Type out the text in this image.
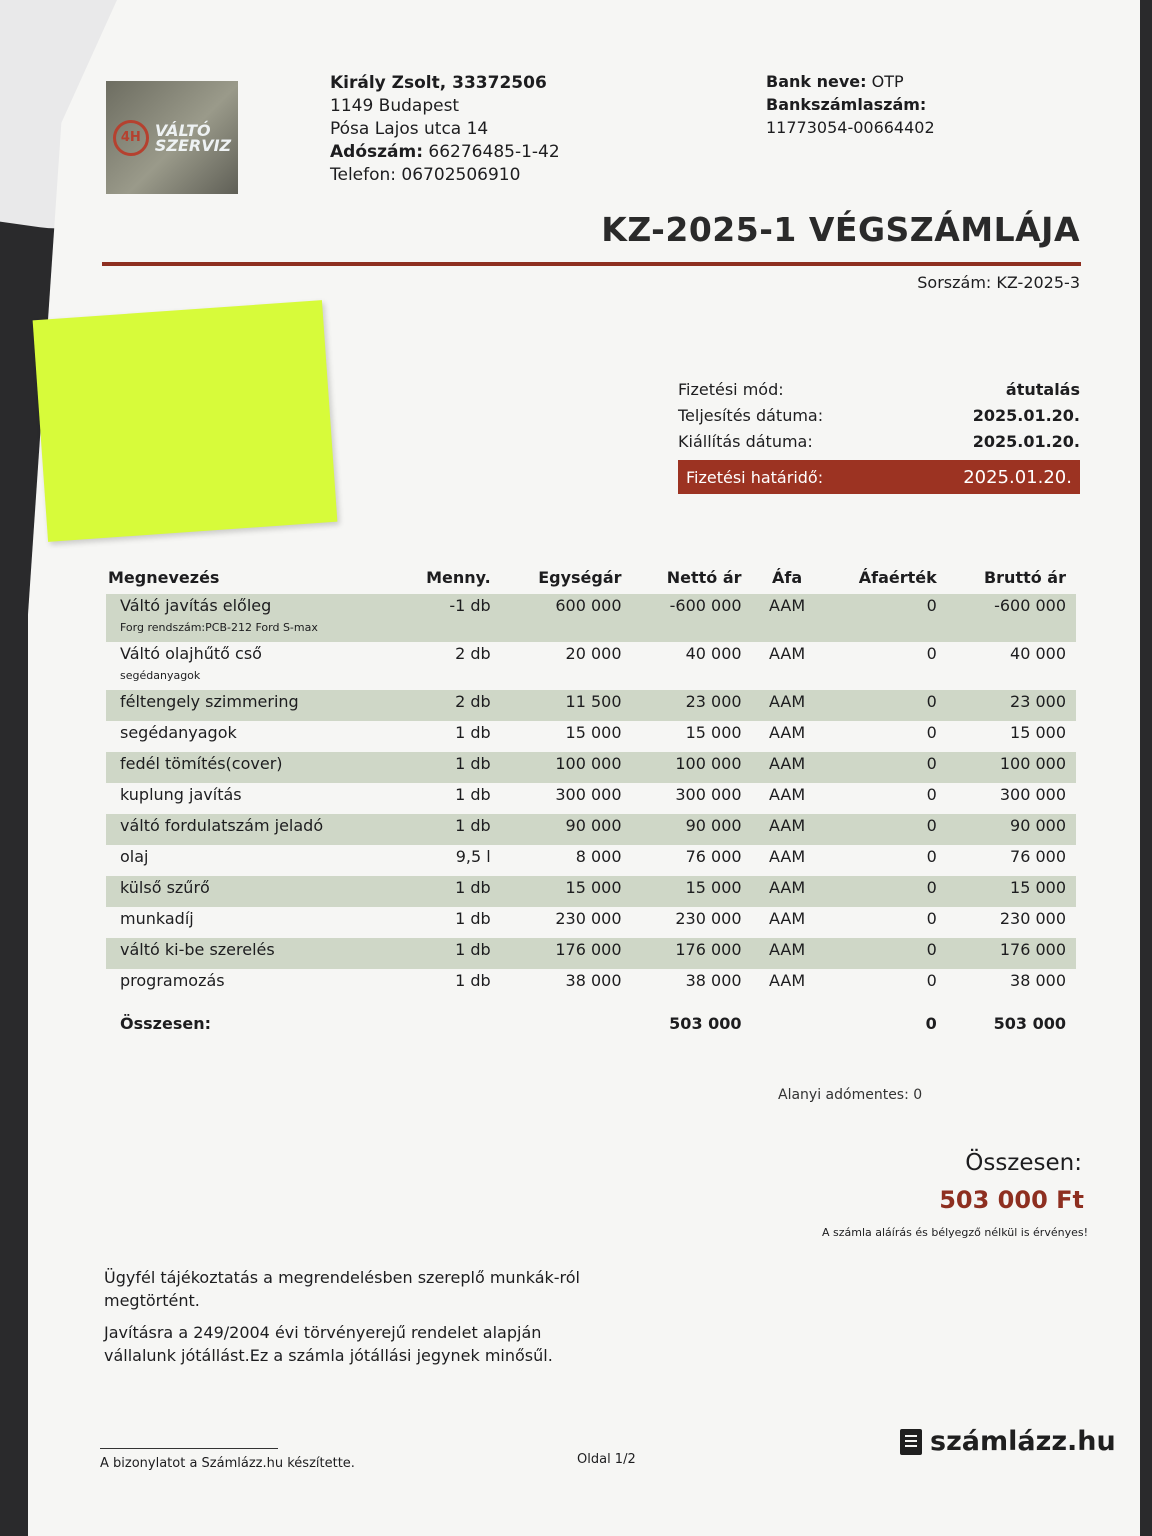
4H VÁLTÓ
SZERVIZ
Király Zsolt, 33372506
1149 Budapest
Pósa Lajos utca 14
Adószám: 66276485-1-42
Telefon: 06702506910
Bank neve: OTP
Bankszámlaszám:
11773054-00664402
KZ-2025-1 VÉGSZÁMLÁJA
Sorszám: KZ-2025-3
Fizetési mód:	átutalás
Teljesítés dátuma:	2025.01.20.
Kiállítás dátuma:	2025.01.20.
Fizetési határidő:	2025.01.20.
Megnevezés	Menny.	Egységár	Nettó ár	Áfa	Áfaérték	Bruttó ár
Váltó javítás előleg
Forg rendszám:PCB-212 Ford S-max	-1 db	600 000	-600 000	AAM	0	-600 000
Váltó olajhűtő cső
segédanyagok	2 db	20 000	40 000	AAM	0	40 000
féltengely szimmering	2 db	11 500	23 000	AAM	0	23 000
segédanyagok	1 db	15 000	15 000	AAM	0	15 000
fedél tömítés(cover)	1 db	100 000	100 000	AAM	0	100 000
kuplung javítás	1 db	300 000	300 000	AAM	0	300 000
váltó fordulatszám jeladó	1 db	90 000	90 000	AAM	0	90 000
olaj	9,5 l	8 000	76 000	AAM	0	76 000
külső szűrő	1 db	15 000	15 000	AAM	0	15 000
munkadíj	1 db	230 000	230 000	AAM	0	230 000
váltó ki-be szerelés	1 db	176 000	176 000	AAM	0	176 000
programozás	1 db	38 000	38 000	AAM	0	38 000
Összesen:			503 000		0	503 000
Alanyi adómentes: 0
Összesen:
503 000 Ft
A számla aláírás és bélyegző nélkül is érvényes!

Ügyfél tájékoztatás a megrendelésben szereplő munkák-ról megtörtént.

Javításra a 249/2004 évi törvényerejű rendelet alapján vállalunk jótállást.Ez a számla jótállási jegynek minősűl.

A bizonylatot a Számlázz.hu készítette.	Oldal 1/2
számlázz.hu
